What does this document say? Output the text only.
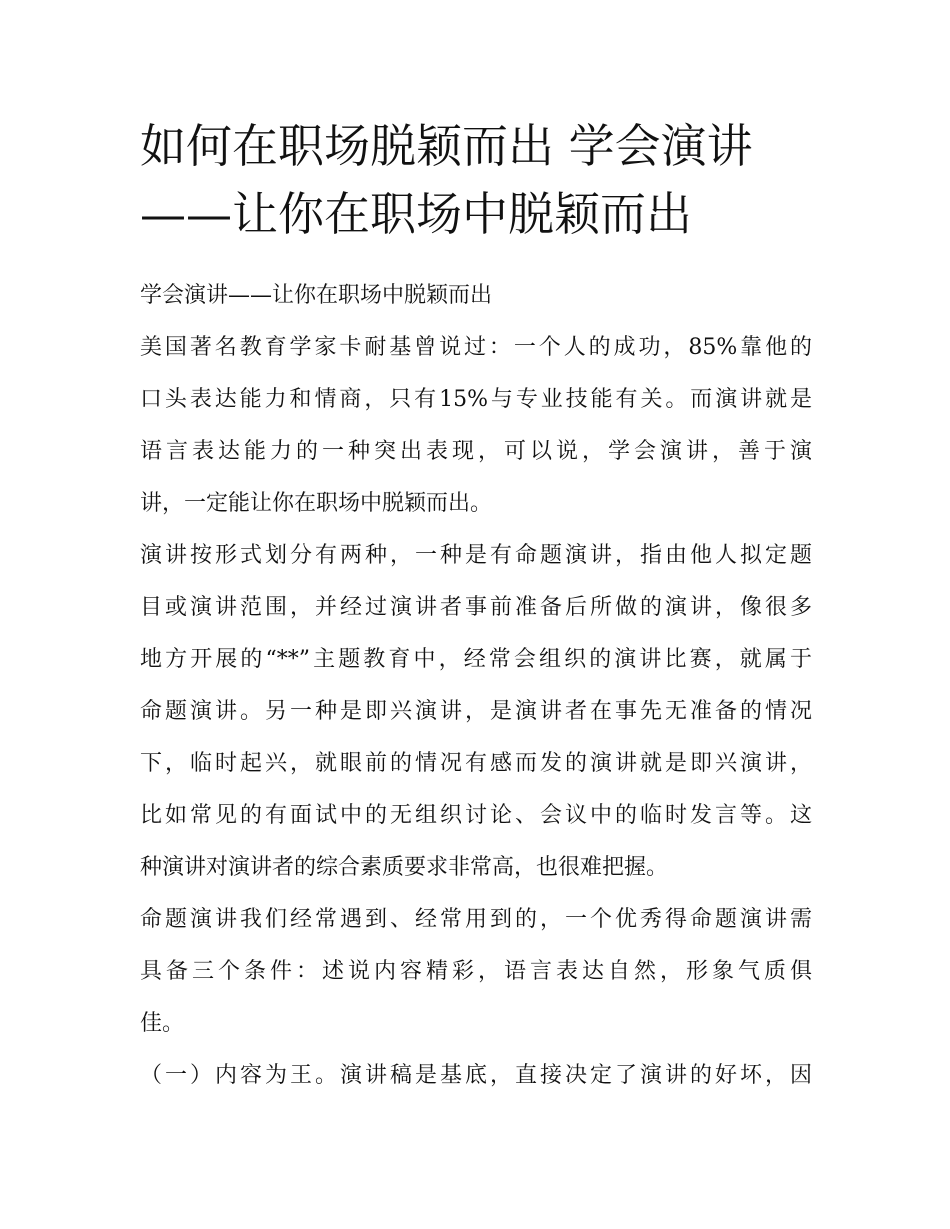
如何在职场脱颖而出 学会演讲
——让你在职场中脱颖而出

学会演讲——让你在职场中脱颖而出

美国著名教育学家卡耐基曾说过：一个人的成功，85%靠他的
口头表达能力和情商，只有15%与专业技能有关。而演讲就是
语言表达能力的一种突出表现，可以说，学会演讲，善于演
讲，一定能让你在职场中脱颖而出。

演讲按形式划分有两种，一种是有命题演讲，指由他人拟定题
目或演讲范围，并经过演讲者事前准备后所做的演讲，像很多
地方开展的“**”主题教育中，经常会组织的演讲比赛，就属于
命题演讲。另一种是即兴演讲，是演讲者在事先无准备的情况
下，临时起兴，就眼前的情况有感而发的演讲就是即兴演讲，
比如常见的有面试中的无组织讨论、会议中的临时发言等。这
种演讲对演讲者的综合素质要求非常高，也很难把握。

命题演讲我们经常遇到、经常用到的，一个优秀得命题演讲需
具备三个条件：述说内容精彩，语言表达自然，形象气质俱
佳。

（一）内容为王。演讲稿是基底，直接决定了演讲的好坏，因
